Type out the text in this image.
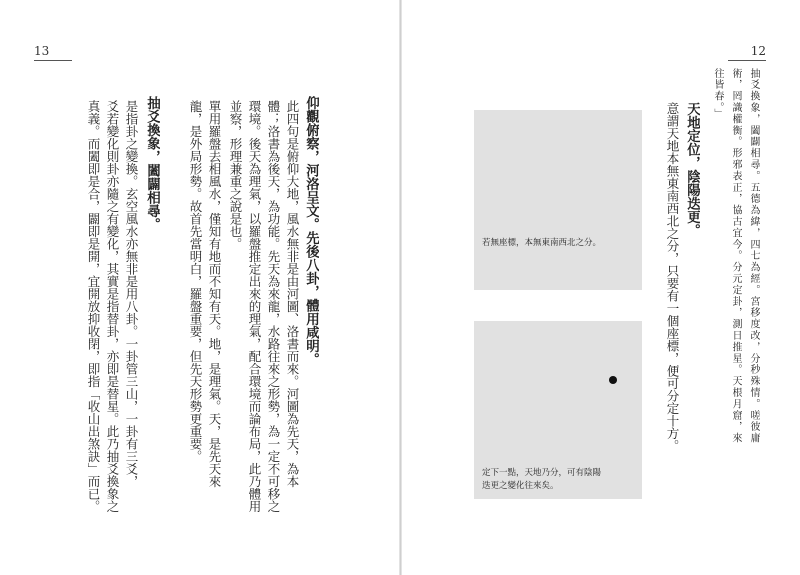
13
仰觀俯察，河洛呈文。先後八卦，體用咸明。
此四句是俯仰大地，風水無非是由河圖、洛書而來。河圖為先天，為本
體；洛書為後天，為功能。先天為來龍，水路往來之形勢，為一定不可移之
環境。後天為理氣，以羅盤推定出來的理氣，配合環境而論布局，此乃體用
並察，形理兼重之說是也。
單用羅盤去相風水，僅知有地而不知有天。地，是理氣。天，是先天來
龍，是外局形勢。故首先當明白，羅盤重要，但先天形勢更重要。
抽爻換象，闔闢相尋。
是指卦之變換。玄空風水亦無非是用八卦。一卦管三山，一卦有三爻，
爻若變化則卦亦隨之有變化，其實是指替卦，亦即是替星。此乃抽爻換象之
真義。而闔即是合，闢即是開，宜開放抑收閉，即指「收山出煞訣」而已。
12
抽爻換象，闔闢相尋。五德為緯，四七為經。宮移度改，分秒殊情。嗟彼庸
術，罔識權衡。形邪表正，協古宜今。分元定卦，測日推星。天根月窟，來
往皆春。」
天地定位，陰陽迭更。
意謂天地本無東南西北之分，只要有一個座標，便可分定十方。
若無座標，本無東南西北之分。
定下一點，天地乃分，可有陰陽
迭更之變化往來矣。
